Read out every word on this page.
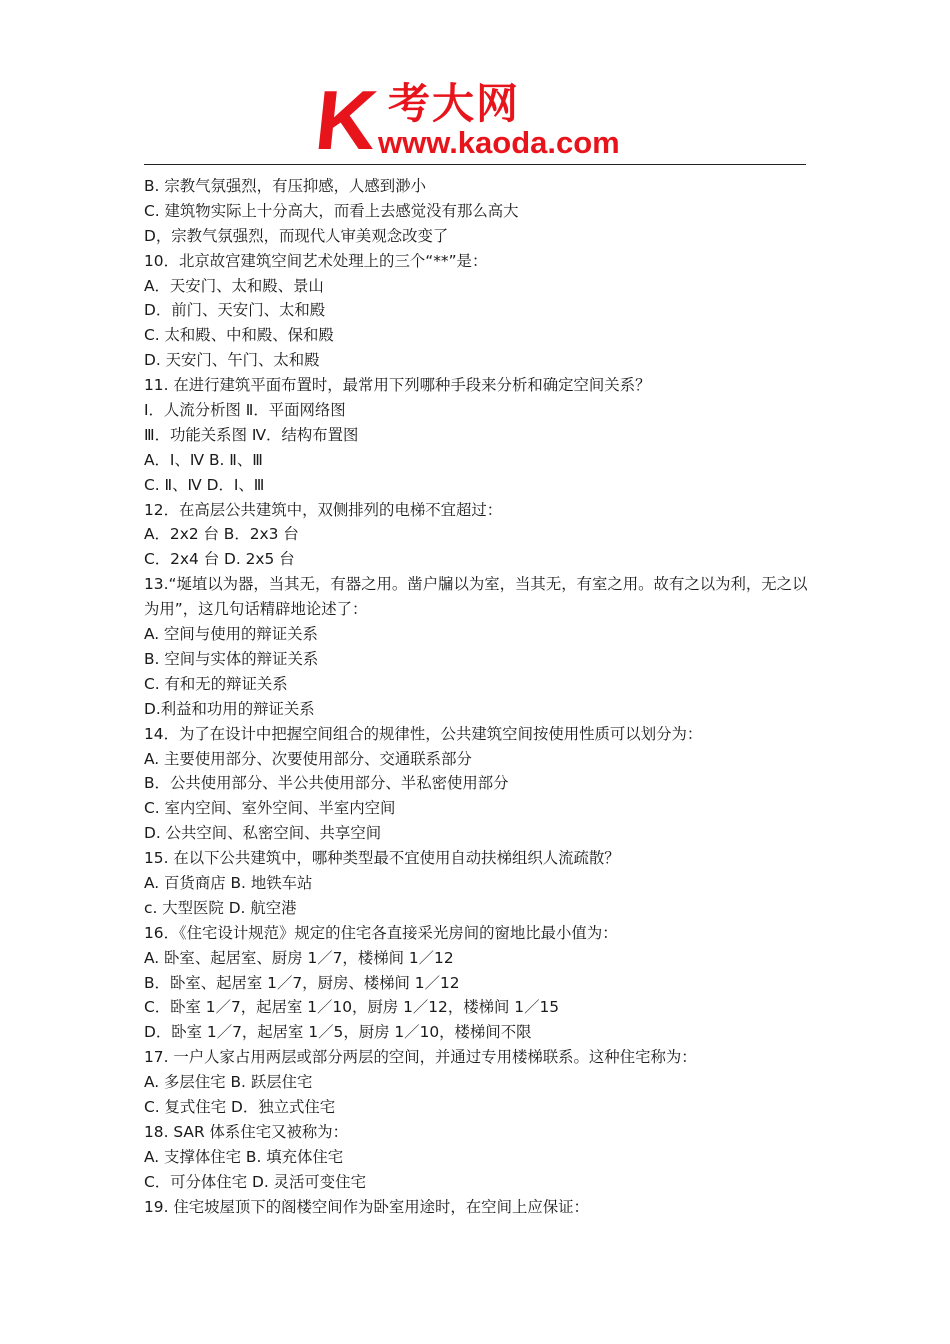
K 考大网
www.kaoda.com
B. 宗教气氛强烈，有压抑感，人感到渺小
C. 建筑物实际上十分高大，而看上去感觉没有那么高大
D，宗教气氛强烈，而现代人审美观念改变了
10．北京故宫建筑空间艺术处理上的三个“**”是：
A．天安门、太和殿、景山
D．前门、天安门、太和殿
C. 太和殿、中和殿、保和殿
D. 天安门、午门、太和殿
11. 在进行建筑平面布置时，最常用下列哪种手段来分析和确定空间关系？
Ⅰ．人流分析图 Ⅱ．平面网络图
Ⅲ．功能关系图 Ⅳ．结构布置图
A．Ⅰ、Ⅳ B. Ⅱ、Ⅲ
C. Ⅱ、Ⅳ D．Ⅰ、Ⅲ
12．在高层公共建筑中，双侧排列的电梯不宜超过：
A．2x2 台 B．2x3 台
C．2x4 台 D. 2x5 台
13.“埏埴以为器，当其无，有器之用。凿户牖以为室，当其无，有室之用。故有之以为利，无之以为用”，这几句话精辟地论述了：
A. 空间与使用的辩证关系
B. 空间与实体的辩证关系
C. 有和无的辩证关系
D.利益和功用的辩证关系
14．为了在设计中把握空间组合的规律性，公共建筑空间按使用性质可以划分为：
A. 主要使用部分、次要使用部分、交通联系部分
B．公共使用部分、半公共使用部分、半私密使用部分
C. 室内空间、室外空间、半室内空间
D. 公共空间、私密空间、共享空间
15. 在以下公共建筑中，哪种类型最不宜使用自动扶梯组织人流疏散？
A. 百货商店 B. 地铁车站
c. 大型医院 D. 航空港
16．《住宅设计规范》规定的住宅各直接采光房间的窗地比最小值为：
A. 卧室、起居室、厨房 1／7，楼梯间 1／12
B．卧室、起居室 1／7，厨房、楼梯间 1／12
C．卧室 1／7，起居室 1／10，厨房 1／12，楼梯间 1／15
D．卧室 1／7，起居室 1／5，厨房 1／10，楼梯间不限
17. 一户人家占用两层或部分两层的空间，并通过专用楼梯联系。这种住宅称为：
A. 多层住宅 B. 跃层住宅
C. 复式住宅 D．独立式住宅
18. SAR 体系住宅又被称为：
A. 支撑体住宅 B. 填充体住宅
C．可分体住宅 D. 灵活可变住宅
19. 住宅坡屋顶下的阁楼空间作为卧室用途时，在空间上应保证：
